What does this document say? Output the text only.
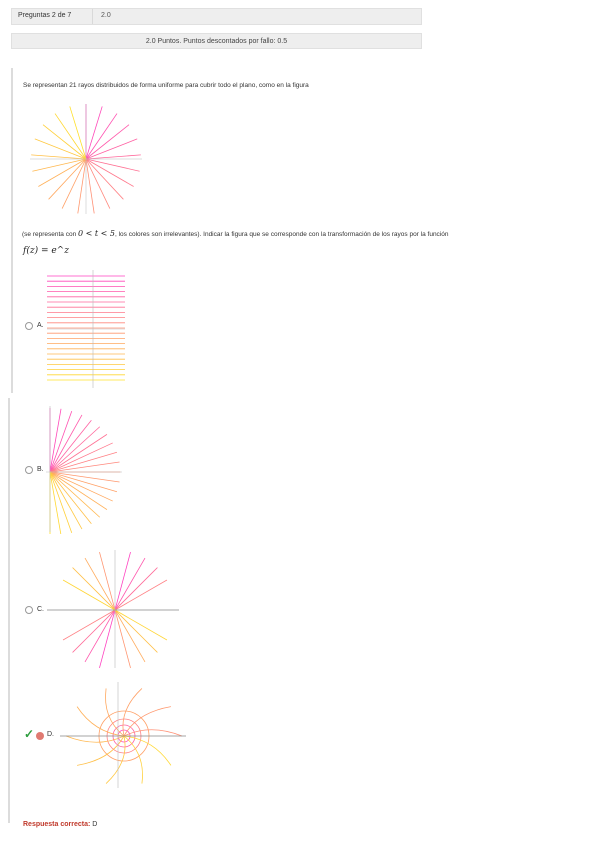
Preguntas 2 de 7	2.0
2.0 Puntos. Puntos descontados por fallo: 0.5
Se representan 21 rayos distribuidos de forma uniforme para cubrir todo el plano, como en la figura
(se representa con 0 < t < 5, los colores son irrelevantes). Indicar la figura que se corresponde con la transformación de los rayos por la función
f(z) = e^z
A.
B.
C.
✓ D.
Respuesta correcta: D
